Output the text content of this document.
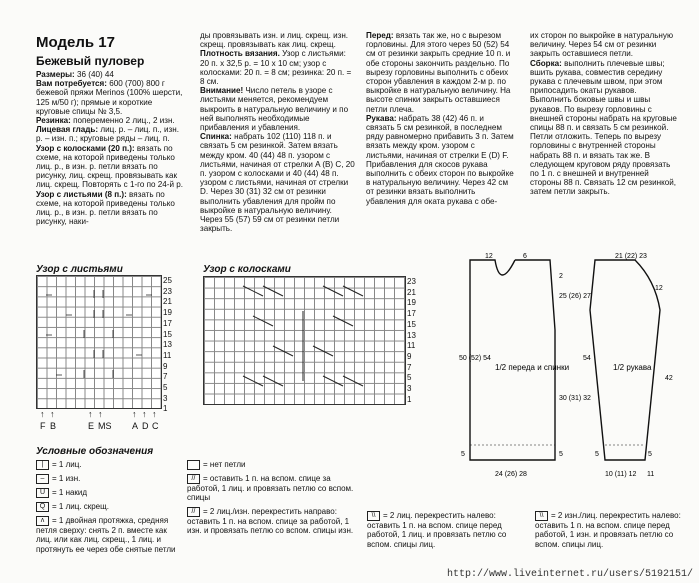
Модель 17
Бежевый пуловер

Размеры: 36 (40) 44

Вам потребуется: 600 (700) 800 г бежевой пряжи Merinos (100% шерсти, 125 м/50 г); прямые и короткие круговые спицы № 3,5.

Резинка: попеременно 2 лиц., 2 изн.

Лицевая гладь: лиц. р. – лиц. п., изн. р. – изн. п.; круговые ряды – лиц. п.

Узор с колосками (20 п.): вязать по схеме, на которой приведены только лиц. р., в изн. р. петли вязать по рисунку, лиц. скрещ. провязывать как лиц. скрещ. Повторять с 1-го по 24-й р.

Узор с листьями (8 п.): вязать по схеме, на которой приведены только лиц. р., в изн. р. петли вязать по рисунку, наки-

ды провязывать изн. и лиц. скрещ. изн. скрещ. провязывать как лиц. скрещ.

Плотность вязания. Узор с листьями: 20 п. x 32,5 р. = 10 x 10 см; узор с колосками: 20 п. = 8 см; резинка: 20 п. = 8 см.

Внимание! Число петель в узоре с листьями меняется, рекомендуем выкроить в натуральную величину и по ней выполнять необходимые прибавления и убавления.

Спинка: набрать 102 (110) 118 п. и связать 5 см резинкой. Затем вязать между кром. 40 (44) 48 п. узором с листьями, начиная от стрелки A (B) C, 20 п. узором с колосками и 40 (44) 48 п. узором с листьями, начиная от стрелки D. Через 30 (31) 32 см от резинки выполнить убавления для пройм по выкройке в натуральную величину. Через 55 (57) 59 см от резинки петли закрыть.

Перед: вязать так же, но с вырезом горловины. Для этого через 50 (52) 54 см от резинки закрыть средние 10 п. и обе стороны закончить раздельно. По вырезу горловины выполнить с обеих сторон убавления в каждом 2-м р. по выкройке в натуральную величину. На высоте спинки закрыть оставшиеся петли плеча.

Рукава: набрать 38 (42) 46 п. и связать 5 см резинкой, в последнем ряду равномерно прибавить 3 п. Затем вязать между кром. узором с листьями, начиная от стрелки E (D) F. Прибавления для скосов рукава выполнить с обеих сторон по выкройке в натуральную величину. Через 42 см от резинки вязать выполнить убавления для оката рукава с обе-

их сторон по выкройке в натуральную величину. Через 54 см от резинки закрыть оставшиеся петли.

Сборка: выполнить плечевые швы; вшить рукава, совместив середину рукава с плечевым швом, при этом припосадить окаты рукавов. Выполнить боковые швы и швы рукавов. По вырезу горловины с внешней стороны набрать на круговые спицы 88 п. и связать 5 см резинкой. Петли отложить. Теперь по вырезу горловины с внутренней стороны набрать 88 п. и вязать так же. В следующем круговом ряду провязать по 1 п. с внешней и внутренней стороны 88 п. Связать 12 см резинкой, затем петли закрыть.

Узор с листьями
25
23
21
19
17
15
13
11
9
7
5
3
1
F
↑
B
↑
E
↑
MS
↑
A
↑
D
↑
C
↑
Узор с колосками
23
21
19
17
15
13
11
9
7
5
3
1
Условные обозначения
| = 1 лиц.
– = 1 изн.
U = 1 накид
Q = 1 лиц. скрещ.
ʌ = 1 двойная протяжка, средняя петля сверху: снять 2 п. вместе как лиц. или как лиц. скрещ., 1 лиц. и протянуть ее через обе снятые петли
= нет петли
// = оставить 1 п. на вспом. спице за работой, 1 лиц. и провязать петлю со вспом. спицы
// = 2 лиц./изн. перекрестить направо: оставить 1 п. на вспом. спице за работой, 1 изн. и провязать петлю со вспом. спицы изн.
\\ = 2 лиц. перекрестить налево: оставить 1 п. на вспом. спице перед работой, 1 лиц. и провязать петлю со вспом. спицы лиц.
\\ = 2 изн./лиц. перекрестить налево: оставить 1 п. на вспом. спице перед работой, 1 изн. и провязать петлю со вспом. спицы лиц.
12	6
2
25 (26) 27
50 (52) 54
30 (31) 32
5
5
24 (26) 28
1/2 переда и спинки
21 (22) 23
12
54
42
1/2 рукава
5
5
10 (11) 12 11
http://www.liveinternet.ru/users/5192151/
